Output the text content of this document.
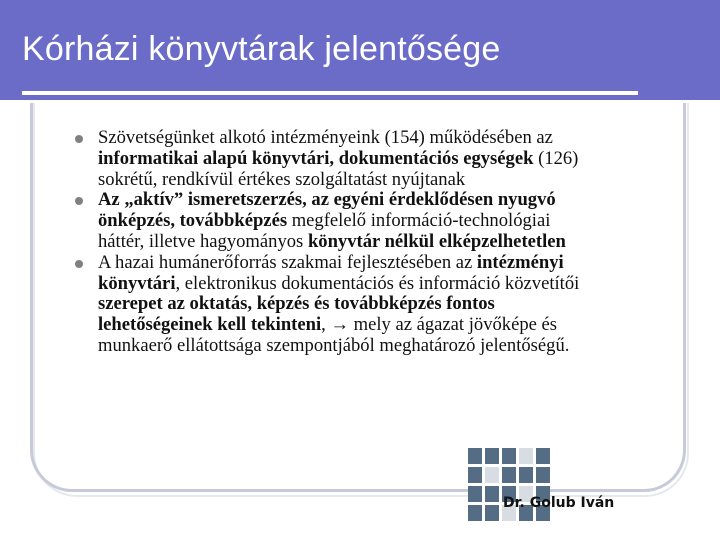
Kórházi könyvtárak jelentősége
Szövetségünket alkotó intézményeink (154) működésében az informatikai alapú könyvtári, dokumentációs egységek (126) sokrétű, rendkívül értékes szolgáltatást nyújtanak
Az „aktív” ismeretszerzés, az egyéni érdeklődésen nyugvó önképzés, továbbképzés megfelelő információ-technológiai háttér, illetve hagyományos könyvtár nélkül elképzelhetetlen
A hazai humánerőforrás szakmai fejlesztésében az intézményi könyvtári, elektronikus dokumentációs és információ közvetítői szerepet az oktatás, képzés és továbbképzés fontos lehetőségeinek kell tekinteni, → mely az ágazat jövőképe és munkaerő ellátottsága szempontjából meghatározó jelentőségű.
Dr. Golub Iván
